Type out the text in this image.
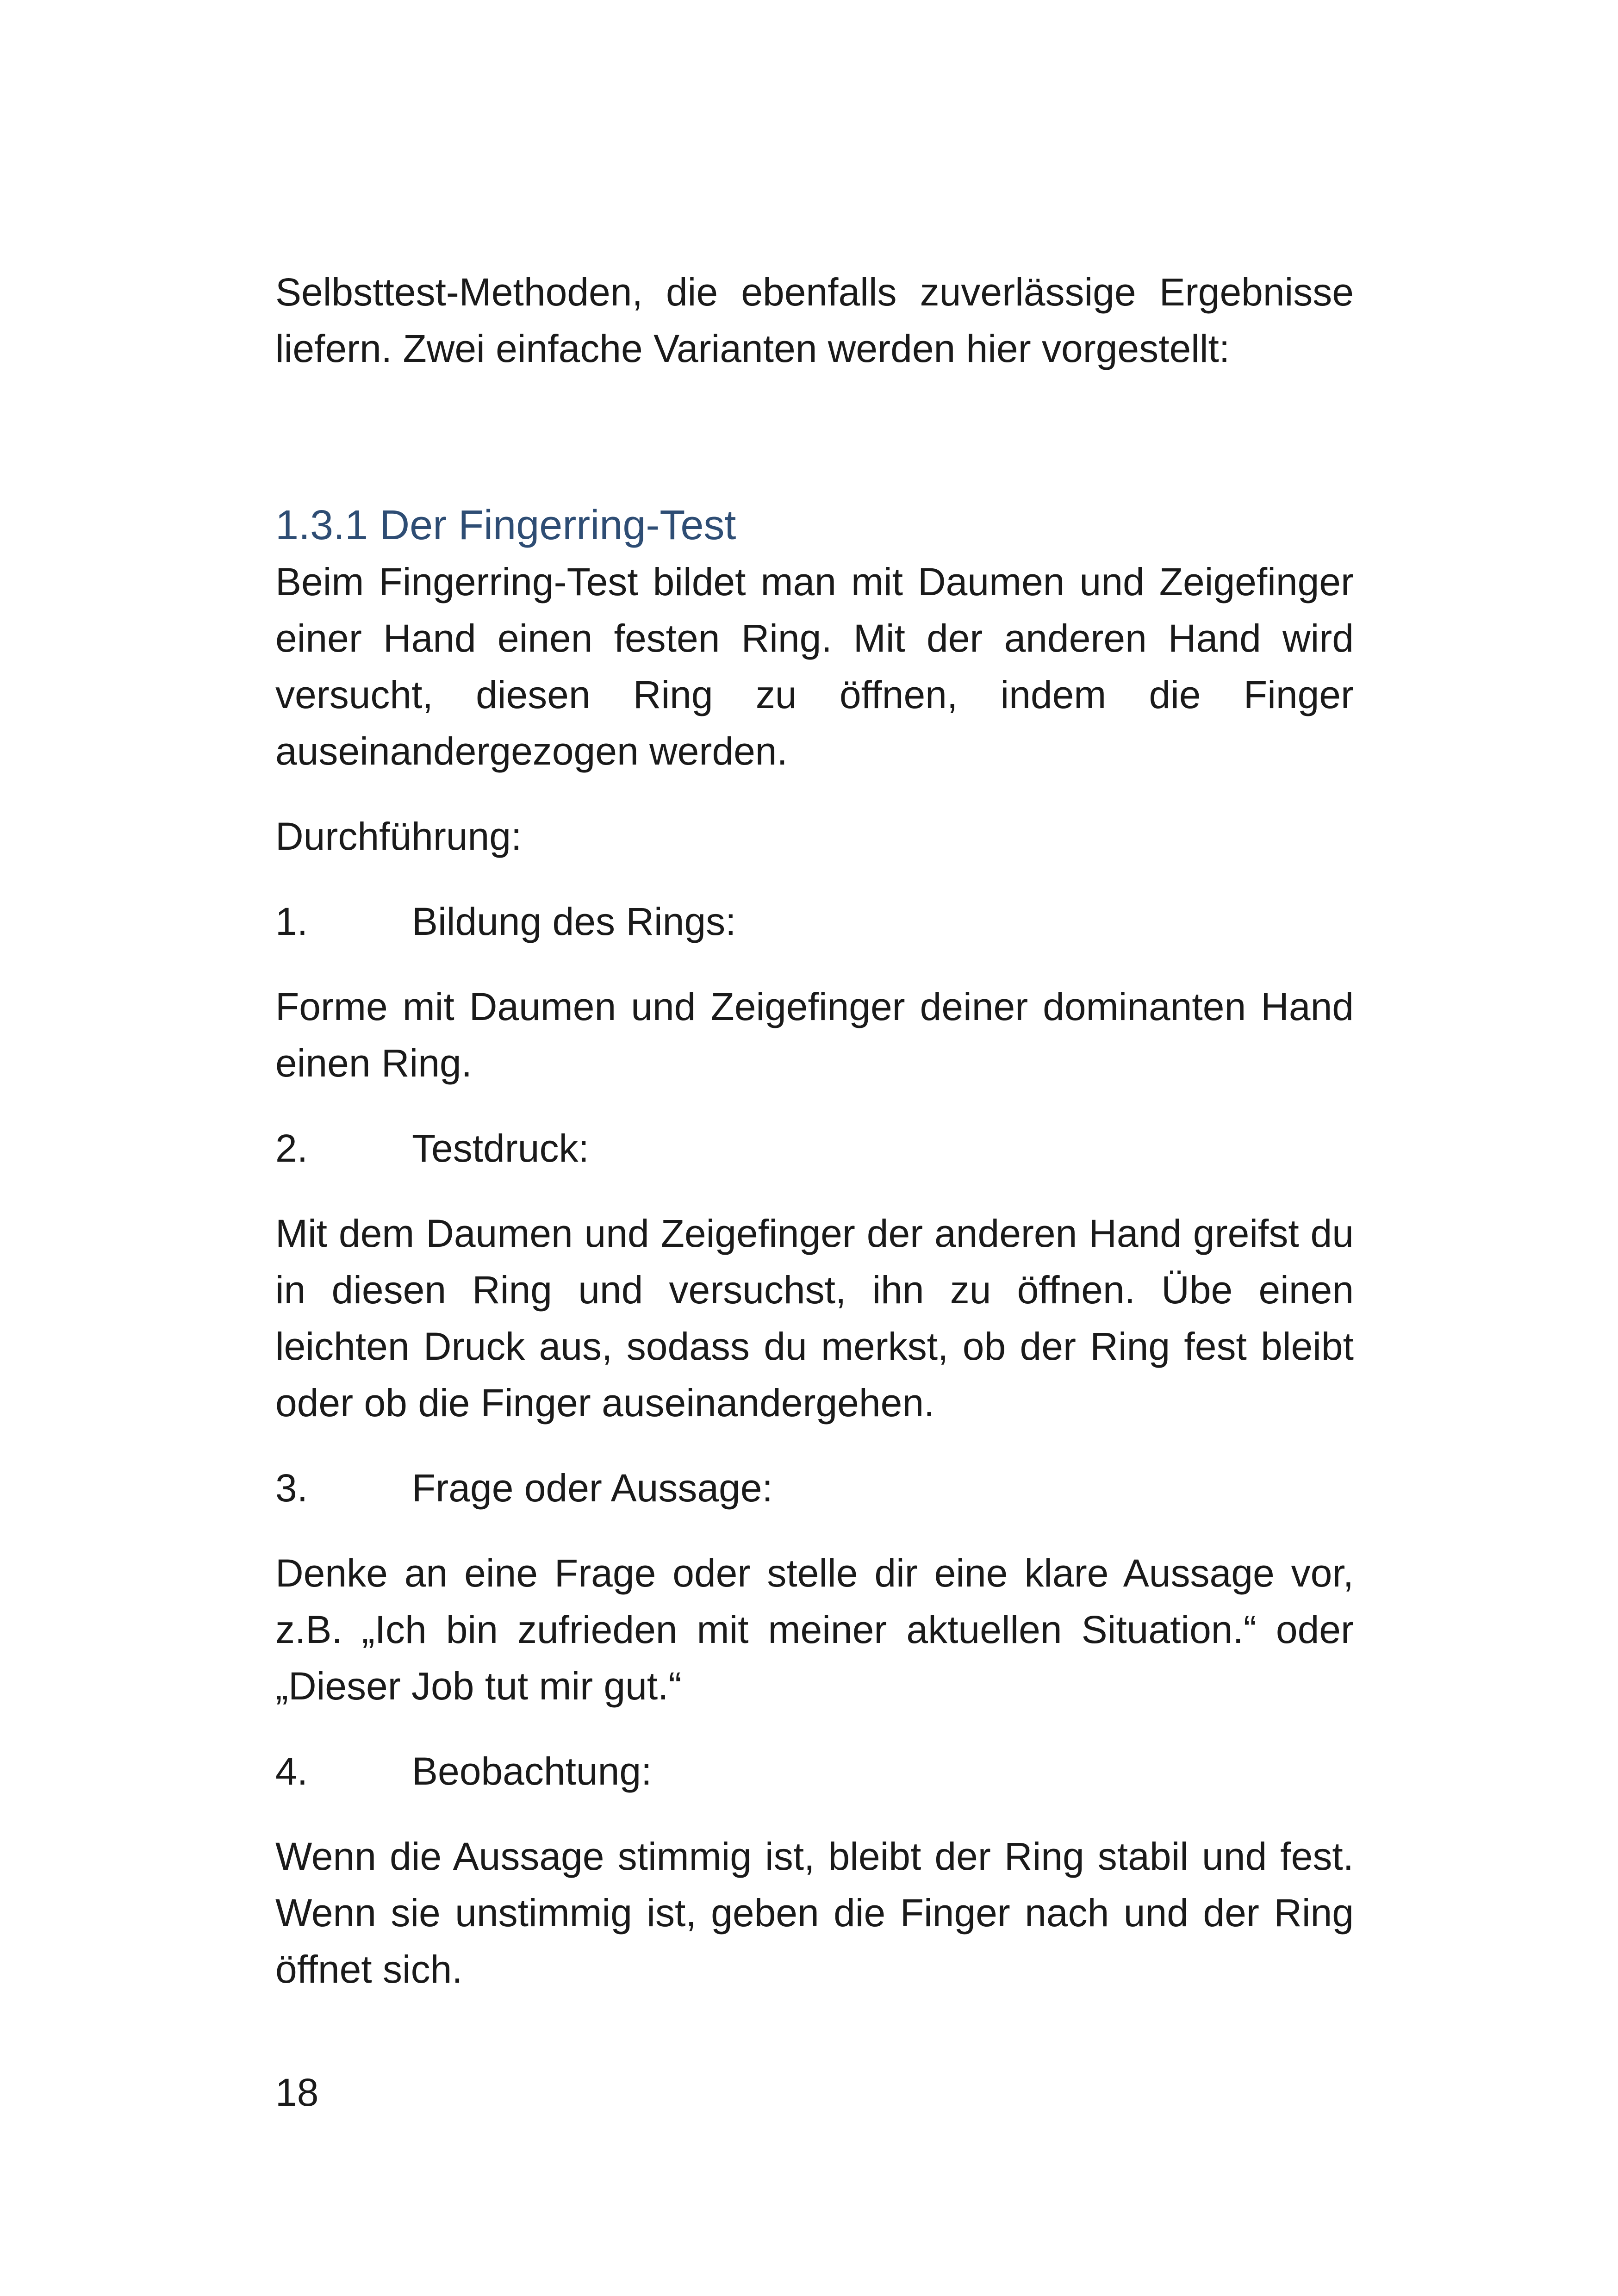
Selbsttest-Methoden, die ebenfalls zuverlässige Ergebnisse liefern. Zwei einfache Varianten werden hier vorgestellt:

1.3.1 Der Fingerring-Test

Beim Fingerring-Test bildet man mit Daumen und Zeigefinger einer Hand einen festen Ring. Mit der anderen Hand wird versucht, diesen Ring zu öffnen, indem die Finger auseinandergezogen werden.

Durchführung:

1.	Bildung des Rings:

Forme mit Daumen und Zeigefinger deiner dominanten Hand einen Ring.

2.	Testdruck:

Mit dem Daumen und Zeigefinger der anderen Hand greifst du in diesen Ring und versuchst, ihn zu öffnen. Übe einen leichten Druck aus, sodass du merkst, ob der Ring fest bleibt oder ob die Finger auseinandergehen.

3.	Frage oder Aussage:

Denke an eine Frage oder stelle dir eine klare Aussage vor, z.B. „Ich bin zufrieden mit meiner aktuellen Situation.“ oder „Dieser Job tut mir gut.“

4.	Beobachtung:

Wenn die Aussage stimmig ist, bleibt der Ring stabil und fest. Wenn sie unstimmig ist, geben die Finger nach und der Ring öffnet sich.

18
